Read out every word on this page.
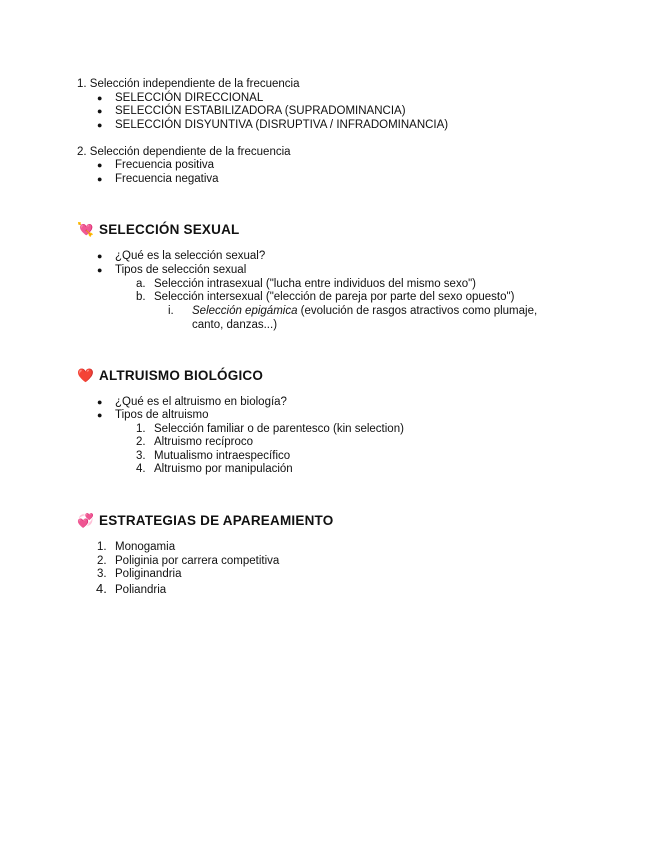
1. Selección independiente de la frecuencia
● SELECCIÓN DIRECCIONAL
● SELECCIÓN ESTABILIZADORA (SUPRADOMINANCIA)
● SELECCIÓN DISYUNTIVA (DISRUPTIVA / INFRADOMINANCIA)
2. Selección dependiente de la frecuencia
● Frecuencia positiva
● Frecuencia negativa
💘 SELECCIÓN SEXUAL
● ¿Qué es la selección sexual?
● Tipos de selección sexual
a. Selección intrasexual ("lucha entre individuos del mismo sexo")
b. Selección intersexual ("elección de pareja por parte del sexo opuesto")
i. Selección epigámica (evolución de rasgos atractivos como plumaje,
canto, danzas...)
❤️ ALTRUISMO BIOLÓGICO
● ¿Qué es el altruismo en biología?
● Tipos de altruismo
1. Selección familiar o de parentesco (kin selection)
2. Altruismo recíproco
3. Mutualismo intraespecífico
4. Altruismo por manipulación
💞 ESTRATEGIAS DE APAREAMIENTO
1. Monogamia
2. Poliginia por carrera competitiva
3. Poliginandria
4. Poliandria
